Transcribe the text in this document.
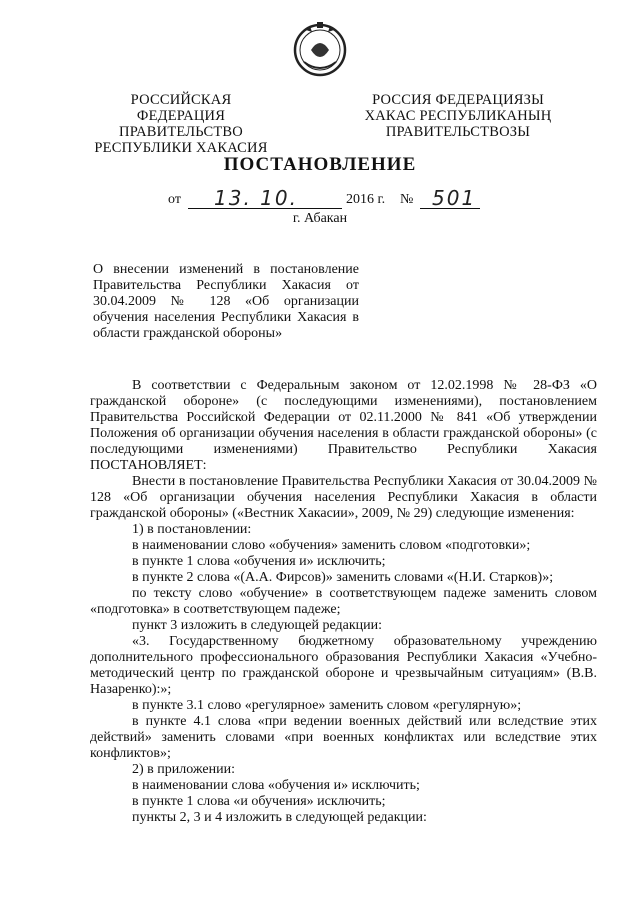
РОССИЙСКАЯ ФЕДЕРАЦИЯ
ПРАВИТЕЛЬСТВО
РЕСПУБЛИКИ ХАКАСИЯ
РОССИЯ ФЕДЕРАЦИЯЗЫ
ХАКАС РЕСПУБЛИКАНЫҢ
ПРАВИТЕЛЬСТВОЗЫ
ПОСТАНОВЛЕНИЕ
от 13. 10.	2016 г. № 501
г. Абакан
О внесении изменений в постановление Правительства Республики Хакасия от 30.04.2009 № 128 «Об организации обучения населения Республики Хакасия в области гражданской обороны»

В соответствии с Федеральным законом от 12.02.1998 № 28-ФЗ «О гражданской обороне» (с последующими изменениями), постановлением Правительства Российской Федерации от 02.11.2000 № 841 «Об утверждении Положения об организации обучения населения в области гражданской обороны» (с последующими изменениями) Правительство Республики Хакасия ПОСТАНОВЛЯЕТ:

Внести в постановление Правительства Республики Хакасия от 30.04.2009 № 128 «Об организации обучения населения Республики Хакасия в области гражданской обороны» («Вестник Хакасии», 2009, № 29) следующие изменения:

1) в постановлении:

в наименовании слово «обучения» заменить словом «подготовки»;

в пункте 1 слова «обучения и» исключить;

в пункте 2 слова «(А.А. Фирсов)» заменить словами «(Н.И. Старков)»;

по тексту слово «обучение» в соответствующем падеже заменить словом «подготовка» в соответствующем падеже;

пункт 3 изложить в следующей редакции:

«3. Государственному бюджетному образовательному учреждению дополнительного профессионального образования Республики Хакасия «Учебно-методический центр по гражданской обороне и чрезвычайным ситуациям» (В.В. Назаренко):»;

в пункте 3.1 слово «регулярное» заменить словом «регулярную»;

в пункте 4.1 слова «при ведении военных действий или вследствие этих действий» заменить словами «при военных конфликтах или вследствие этих конфликтов»;

2) в приложении:

в наименовании слова «обучения и» исключить;

в пункте 1 слова «и обучения» исключить;

пункты 2, 3 и 4 изложить в следующей редакции:
